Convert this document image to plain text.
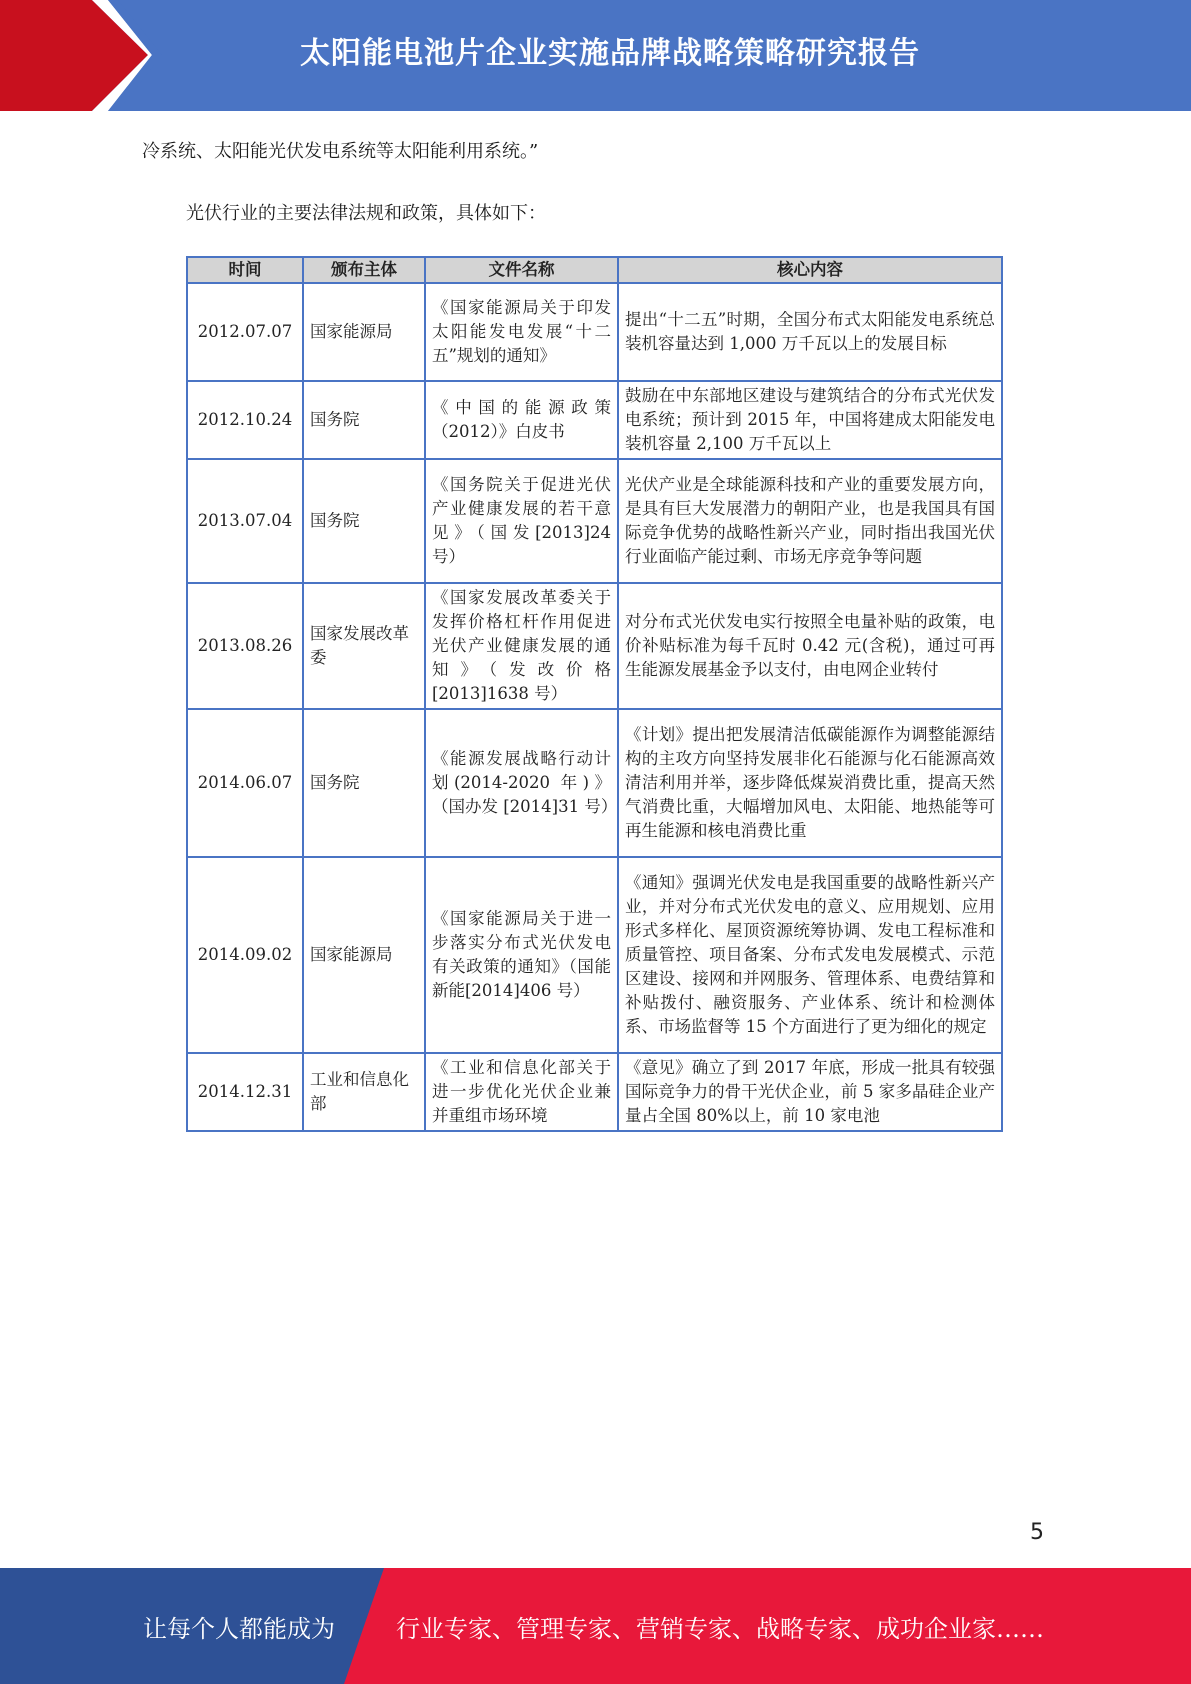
太阳能电池片企业实施品牌战略策略研究报告

冷系统、太阳能光伏发电系统等太阳能利用系统。”

光伏行业的主要法律法规和政策，具体如下：

时间	颁布主体	文件名称	核心内容
2012.07.07	国家能源局	《国家能源局关于印发太阳能发电发展“十二五”规划的通知》	提出“十二五”时期，全国分布式太阳能发电系统总装机容量达到 1,000 万千瓦以上的发展目标
2012.10.24	国务院	《中国的能源政策（2012）》白皮书	鼓励在中东部地区建设与建筑结合的分布式光伏发电系统；预计到 2015 年，中国将建成太阳能发电装机容量 2,100 万千瓦以上
2013.07.04	国务院	《国务院关于促进光伏产业健康发展的若干意见》（国发[2013]24 号）	光伏产业是全球能源科技和产业的重要发展方向，是具有巨大发展潜力的朝阳产业，也是我国具有国际竞争优势的战略性新兴产业，同时指出我国光伏行业面临产能过剩、市场无序竞争等问题
2013.08.26	国家发展改革委	《国家发展改革委关于发挥价格杠杆作用促进光伏产业健康发展的通知》（发改价格[2013]1638 号）	对分布式光伏发电实行按照全电量补贴的政策，电价补贴标准为每千瓦时 0.42 元(含税)，通过可再生能源发展基金予以支付，由电网企业转付
2014.06.07	国务院	《能源发展战略行动计划(2014-2020 年)》（国办发 [2014]31 号）	《计划》提出把发展清洁低碳能源作为调整能源结构的主攻方向坚持发展非化石能源与化石能源高效清洁利用并举，逐步降低煤炭消费比重，提高天然气消费比重，大幅增加风电、太阳能、地热能等可再生能源和核电消费比重
2014.09.02	国家能源局	《国家能源局关于进一步落实分布式光伏发电有关政策的通知》（国能新能[2014]406 号）	《通知》强调光伏发电是我国重要的战略性新兴产业，并对分布式光伏发电的意义、应用规划、应用形式多样化、屋顶资源统筹协调、发电工程标准和质量管控、项目备案、分布式发电发展模式、示范区建设、接网和并网服务、管理体系、电费结算和补贴拨付、融资服务、产业体系、统计和检测体系、市场监督等 15 个方面进行了更为细化的规定
2014.12.31	工业和信息化部	《工业和信息化部关于进一步优化光伏企业兼并重组市场环境	《意见》确立了到 2017 年底，形成一批具有较强国际竞争力的骨干光伏企业，前 5 家多晶硅企业产量占全国 80%以上，前 10 家电池
5
让每个人都能成为	行业专家、管理专家、营销专家、战略专家、成功企业家……
